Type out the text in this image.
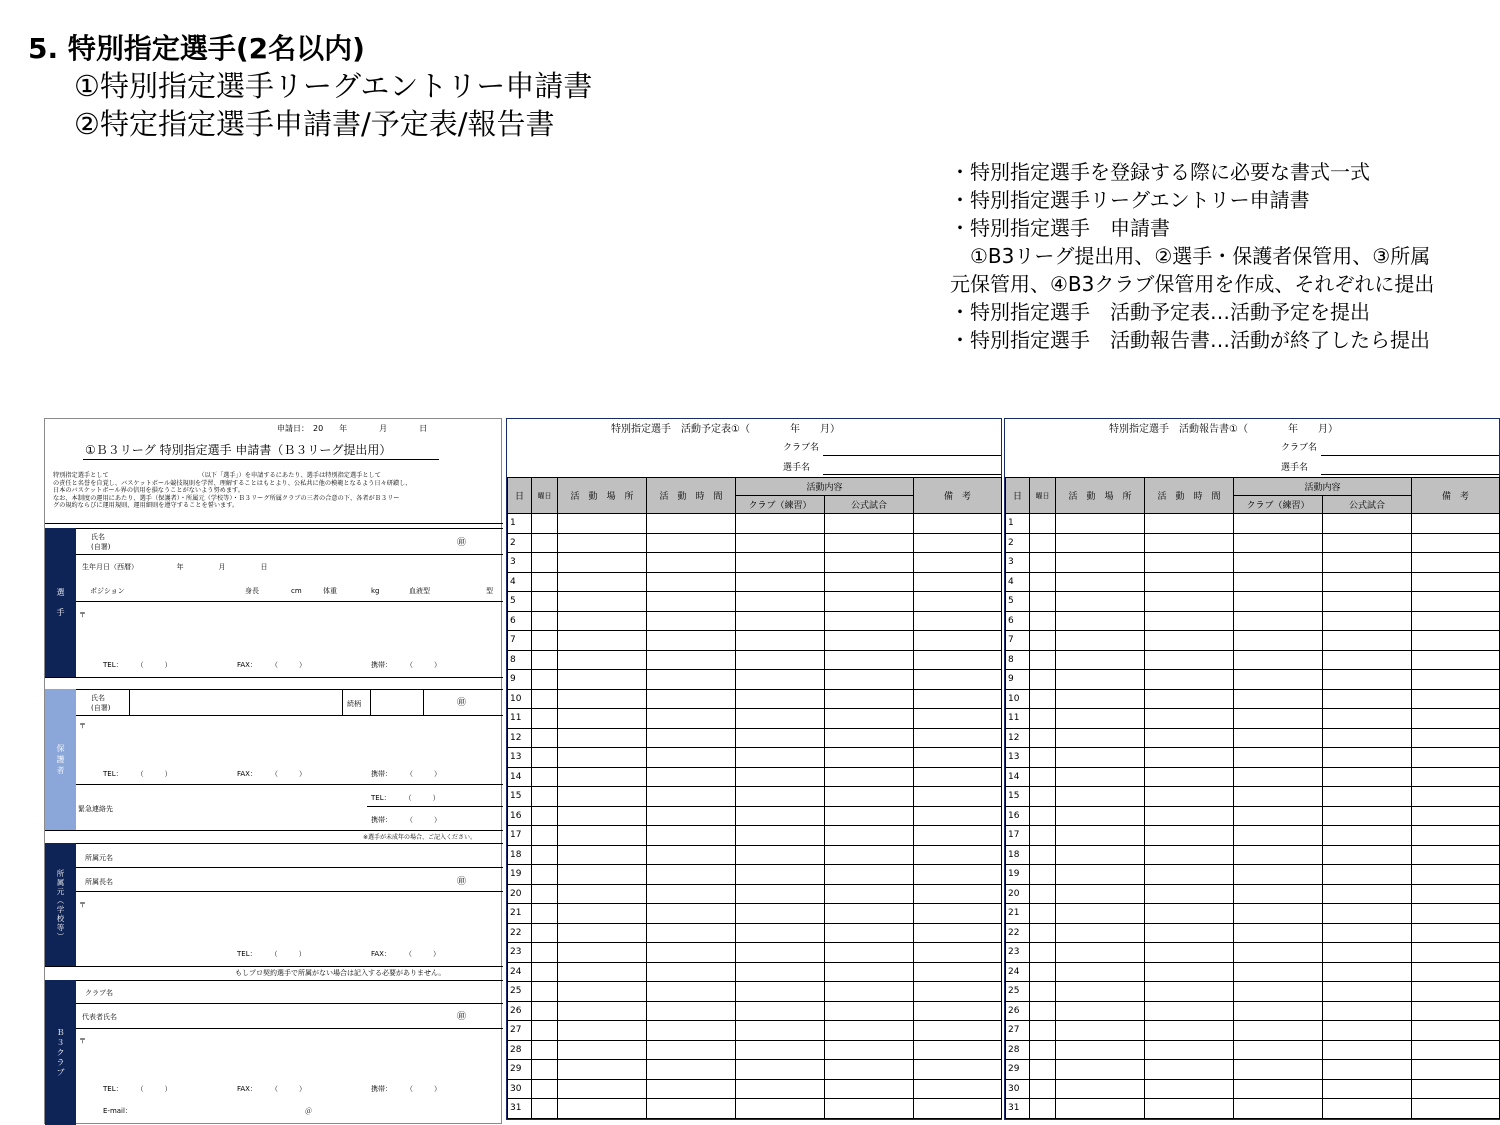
5. 特別指定選手(2名以内)
①特別指定選手リーグエントリー申請書
②特定指定選手申請書/予定表/報告書
・特別指定選手を登録する際に必要な書式一式
・特別指定選手リーグエントリー申請書
・特別指定選手　申請書
　①B3リーグ提出用、②選手・保護者保管用、③所属
元保管用、④B3クラブ保管用を作成、それぞれに提出
・特別指定選手　活動予定表…活動予定を提出
・特別指定選手　活動報告書…活動が終了したら提出
申請日：　20　　年　　　　月　　　　日
①Ｂ３リーグ 特別指定選手 申請書（Ｂ３リーグ提出用）
特別指定選手として　　　　　　　　　　　　　　　（以下「選手」）を申請するにあたり、選手は特別指定選手として
の責任と名誉を自覚し、バスケットボール競技規則を学習、理解することはもとより、公私共に他の模範となるよう日々研鑚し、
日本のバスケットボール界の信用を損なうことがないよう努めます。
なお、本制度の運用にあたり、選手（保護者）・所属元（学校等）・Ｂ３リーグ所属クラブの三者の合意の下、各者がＢ３リー
グの規約ならびに運用規則、運用細則を遵守することを誓います。
選

手
氏名
(自署)	㊞
生年月日（西暦）　　　　　　年　　　　　月　　　　　日
ポジション	身長	cm	体重	kg	血液型	型
〒
TEL：　　　（　　　）	FAX：　　　（　　　）	携帯：　　　（　　　）
保
護
者
氏名
(自署)	続柄	㊞
〒
TEL：　　　（　　　）	FAX：　　　（　　　）	携帯：　　　（　　　）
緊急連絡先
TEL：　　　（　　　）
携帯：　　　（　　　）
※選手が未成年の場合、ご記入ください。
所
属
元
︵
学
校
等
︶
所属元名
所属長名	㊞
〒
TEL：　　　（　　　）	FAX：　　　（　　　）
もしプロ契約選手で所属がない場合は記入する必要がありません。
Ｂ
３
ク
ラ
ブ
クラブ名
代表者氏名	㊞
〒
TEL：　　　（　　　）	FAX：　　　（　　　）	携帯：　　　（　　　）
E-mail：	＠
特別指定選手　活動予定表①（　　　　年　　月）
クラブ名
選手名
日	曜日	活　動　場　所	活　動　時　間	活動内容		備　考
				クラブ（練習）	公式試合	
1						
2						
3						
4						
5						
6						
7						
8						
9						
10						
11						
12						
13						
14						
15						
16						
17						
18						
19						
20						
21						
22						
23						
24						
25						
26						
27						
28						
29						
30						
31						
特別指定選手　活動報告書①（　　　　年　　月）
クラブ名
選手名
日	曜日	活　動　場　所	活　動　時　間	活動内容		備　考
				クラブ（練習）	公式試合	
1						
2						
3						
4						
5						
6						
7						
8						
9						
10						
11						
12						
13						
14						
15						
16						
17						
18						
19						
20						
21						
22						
23						
24						
25						
26						
27						
28						
29						
30						
31						
